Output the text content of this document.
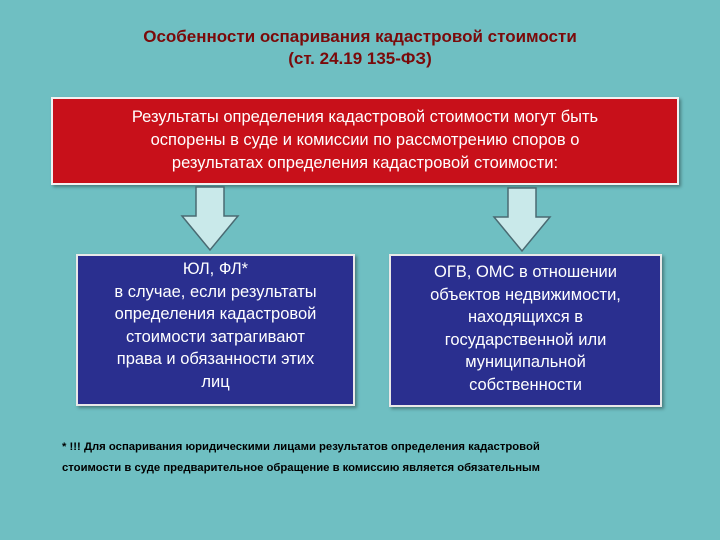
Особенности оспаривания кадастровой стоимости
(ст. 24.19 135-ФЗ)
Результаты определения кадастровой стоимости могут быть
оспорены в суде и комиссии по рассмотрению споров о
результатах определения кадастровой стоимости:
ЮЛ, ФЛ*
в случае, если результаты
определения кадастровой
стоимости затрагивают
права и обязанности этих
лиц
ОГВ, ОМС в отношении
объектов недвижимости,
находящихся в
государственной или
муниципальной
собственности
* !!! Для оспаривания юридическими лицами результатов определения кадастровой
стоимости в суде предварительное обращение в комиссию является обязательным
